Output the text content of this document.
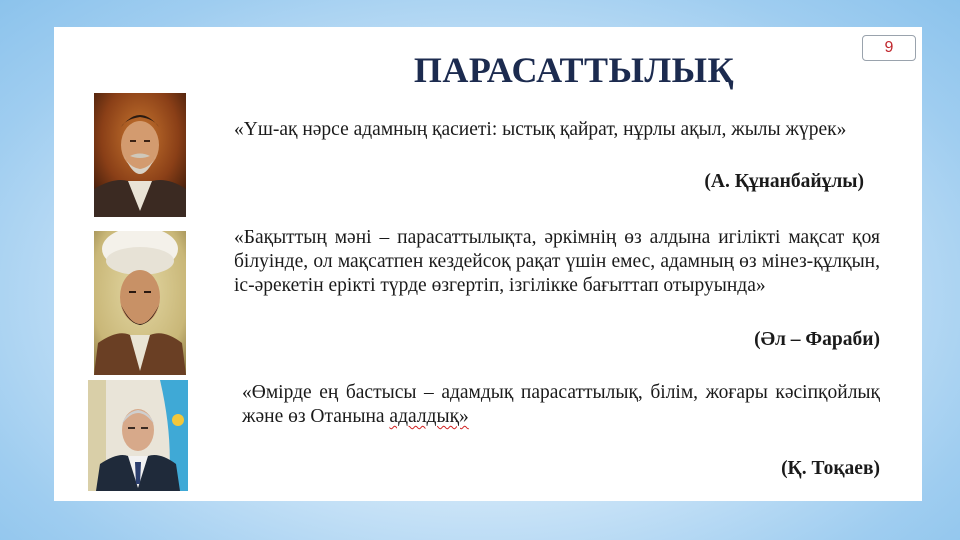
9
ПАРАСАТТЫЛЫҚ
«Үш-ақ нәрсе адамның қасиеті: ыстық қайрат, нұрлы ақыл, жылы жүрек»
(А. Құнанбайұлы)
«Бақыттың мәні – парасаттылықта, әркімнің өз алдына игілікті мақсат қоя білуінде, ол мақсатпен кездейсоқ рақат үшін емес, адамның өз мінез-құлқын, іс-әрекетін ерікті түрде өзгертіп, ізгілікке бағыттап отыруында»
(Әл – Фараби)
«Өмірде ең бастысы – адамдық парасаттылық, білім, жоғары кәсіпқойлық және өз Отанына адалдық»
(Қ. Тоқаев)
